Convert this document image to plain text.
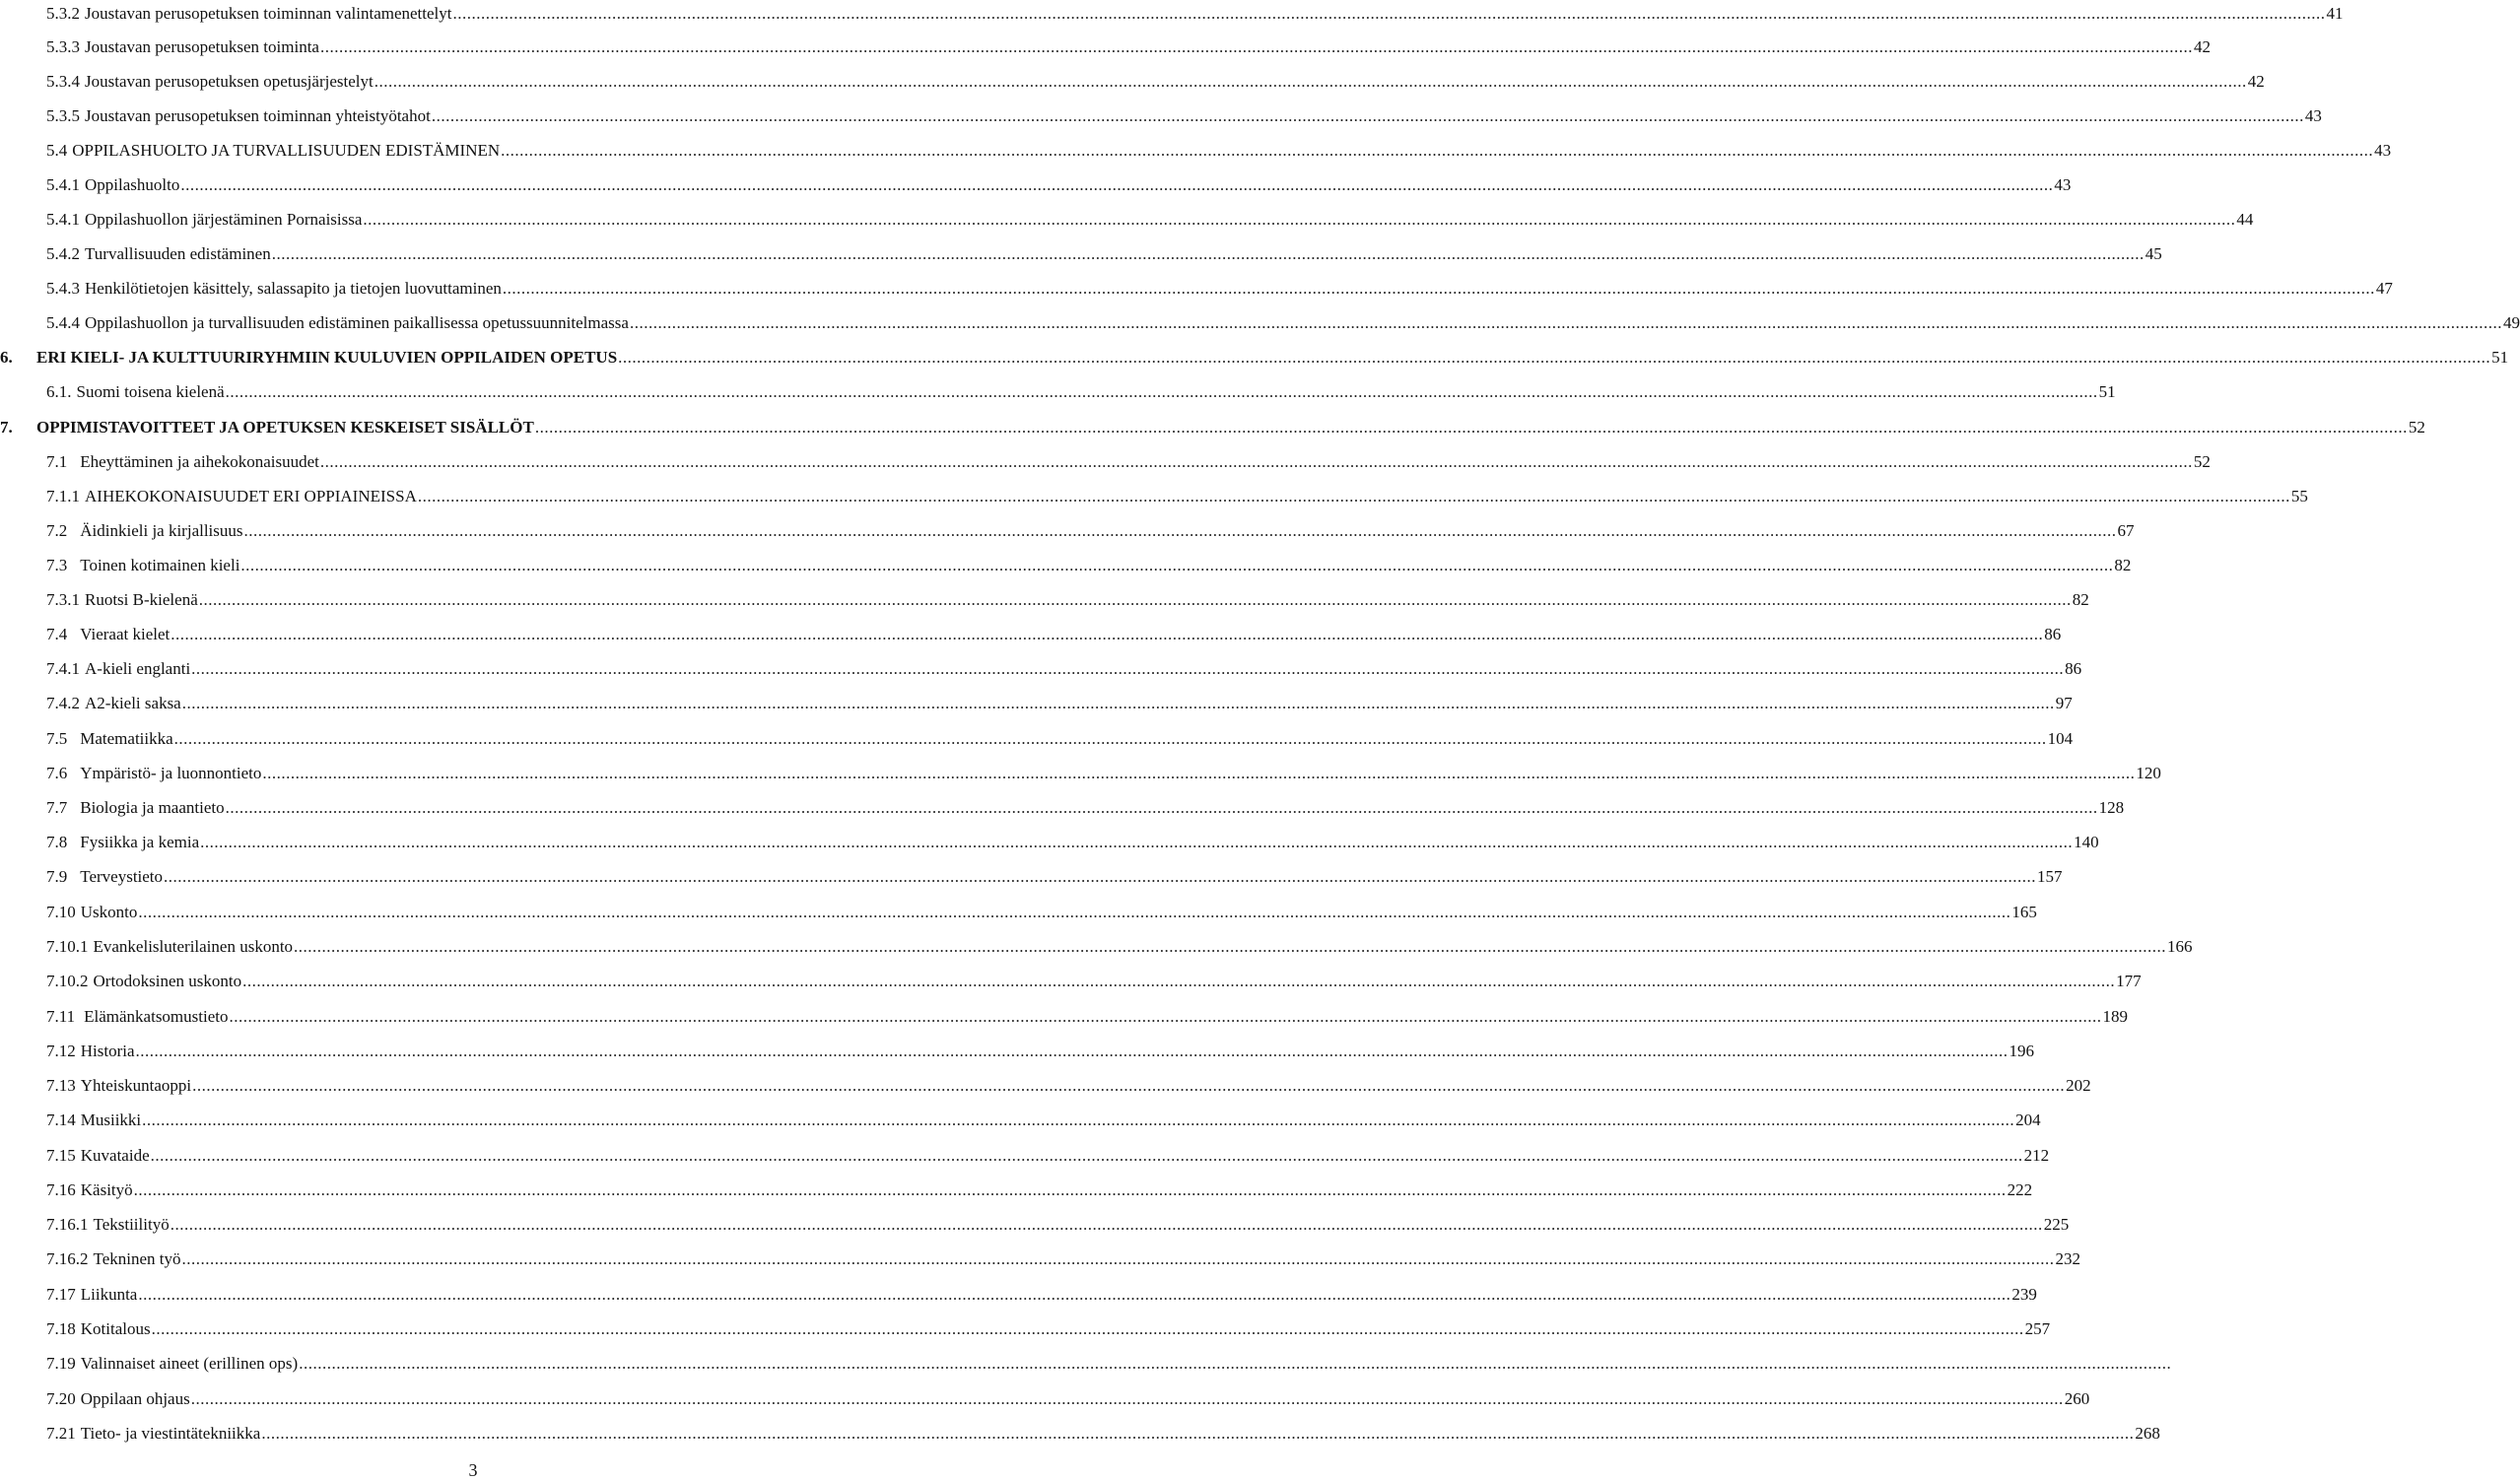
5.3.2 Joustavan perusopetuksen toiminnan valintamenettelyt ................................................................................................................................................................................................................................................................................................................................................................................................................ 41
5.3.3 Joustavan perusopetuksen toiminta ................................................................................................................................................................................................................................................................................................................................................................................................................ 42
5.3.4 Joustavan perusopetuksen opetusjärjestelyt ................................................................................................................................................................................................................................................................................................................................................................................................................ 42
5.3.5 Joustavan perusopetuksen toiminnan yhteistyötahot ................................................................................................................................................................................................................................................................................................................................................................................................................ 43
5.4 OPPILASHUOLTO JA TURVALLISUUDEN EDISTÄMINEN ................................................................................................................................................................................................................................................................................................................................................................................................................ 43
5.4.1 Oppilashuolto ................................................................................................................................................................................................................................................................................................................................................................................................................ 43
5.4.1 Oppilashuollon järjestäminen Pornaisissa ................................................................................................................................................................................................................................................................................................................................................................................................................ 44
5.4.2 Turvallisuuden edistäminen ................................................................................................................................................................................................................................................................................................................................................................................................................ 45
5.4.3 Henkilötietojen käsittely, salassapito ja tietojen luovuttaminen ................................................................................................................................................................................................................................................................................................................................................................................................................ 47
5.4.4 Oppilashuollon ja turvallisuuden edistäminen paikallisessa opetussuunnitelmassa ................................................................................................................................................................................................................................................................................................................................................................................................................ 49
6.	ERI KIELI- JA KULTTUURIRYHMIIN KUULUVIEN OPPILAIDEN OPETUS ................................................................................................................................................................................................................................................................................................................................................................................................................ 51
6.1. Suomi toisena kielenä ................................................................................................................................................................................................................................................................................................................................................................................................................ 51
7.	OPPIMISTAVOITTEET JA OPETUKSEN KESKEISET SISÄLLÖT ................................................................................................................................................................................................................................................................................................................................................................................................................ 52
7.1 Eheyttäminen ja aihekokonaisuudet ................................................................................................................................................................................................................................................................................................................................................................................................................ 52
7.1.1 AIHEKOKONAISUUDET ERI OPPIAINEISSA ................................................................................................................................................................................................................................................................................................................................................................................................................ 55
7.2 Äidinkieli ja kirjallisuus ................................................................................................................................................................................................................................................................................................................................................................................................................ 67
7.3 Toinen kotimainen kieli ................................................................................................................................................................................................................................................................................................................................................................................................................ 82
7.3.1 Ruotsi B-kielenä ................................................................................................................................................................................................................................................................................................................................................................................................................ 82
7.4 Vieraat kielet ................................................................................................................................................................................................................................................................................................................................................................................................................ 86
7.4.1 A-kieli englanti ................................................................................................................................................................................................................................................................................................................................................................................................................ 86
7.4.2 A2-kieli saksa ................................................................................................................................................................................................................................................................................................................................................................................................................ 97
7.5 Matematiikka ................................................................................................................................................................................................................................................................................................................................................................................................................ 104
7.6 Ympäristö- ja luonnontieto ................................................................................................................................................................................................................................................................................................................................................................................................................ 120
7.7 Biologia ja maantieto ................................................................................................................................................................................................................................................................................................................................................................................................................ 128
7.8 Fysiikka ja kemia ................................................................................................................................................................................................................................................................................................................................................................................................................ 140
7.9 Terveystieto ................................................................................................................................................................................................................................................................................................................................................................................................................ 157
7.10 Uskonto ................................................................................................................................................................................................................................................................................................................................................................................................................ 165
7.10.1 Evankelisluterilainen uskonto ................................................................................................................................................................................................................................................................................................................................................................................................................ 166
7.10.2 Ortodoksinen uskonto ................................................................................................................................................................................................................................................................................................................................................................................................................ 177
7.11 Elämänkatsomustieto ................................................................................................................................................................................................................................................................................................................................................................................................................ 189
7.12 Historia ................................................................................................................................................................................................................................................................................................................................................................................................................ 196
7.13 Yhteiskuntaoppi ................................................................................................................................................................................................................................................................................................................................................................................................................ 202
7.14 Musiikki ................................................................................................................................................................................................................................................................................................................................................................................................................ 204
7.15 Kuvataide ................................................................................................................................................................................................................................................................................................................................................................................................................ 212
7.16 Käsityö ................................................................................................................................................................................................................................................................................................................................................................................................................ 222
7.16.1 Tekstiilityö ................................................................................................................................................................................................................................................................................................................................................................................................................ 225
7.16.2 Tekninen työ ................................................................................................................................................................................................................................................................................................................................................................................................................ 232
7.17 Liikunta ................................................................................................................................................................................................................................................................................................................................................................................................................ 239
7.18 Kotitalous ................................................................................................................................................................................................................................................................................................................................................................................................................ 257
7.19 Valinnaiset aineet (erillinen ops) ................................................................................................................................................................................................................................................................................................................................................................................................................
7.20 Oppilaan ohjaus ................................................................................................................................................................................................................................................................................................................................................................................................................ 260
7.21 Tieto- ja viestintätekniikka ................................................................................................................................................................................................................................................................................................................................................................................................................ 268
3
